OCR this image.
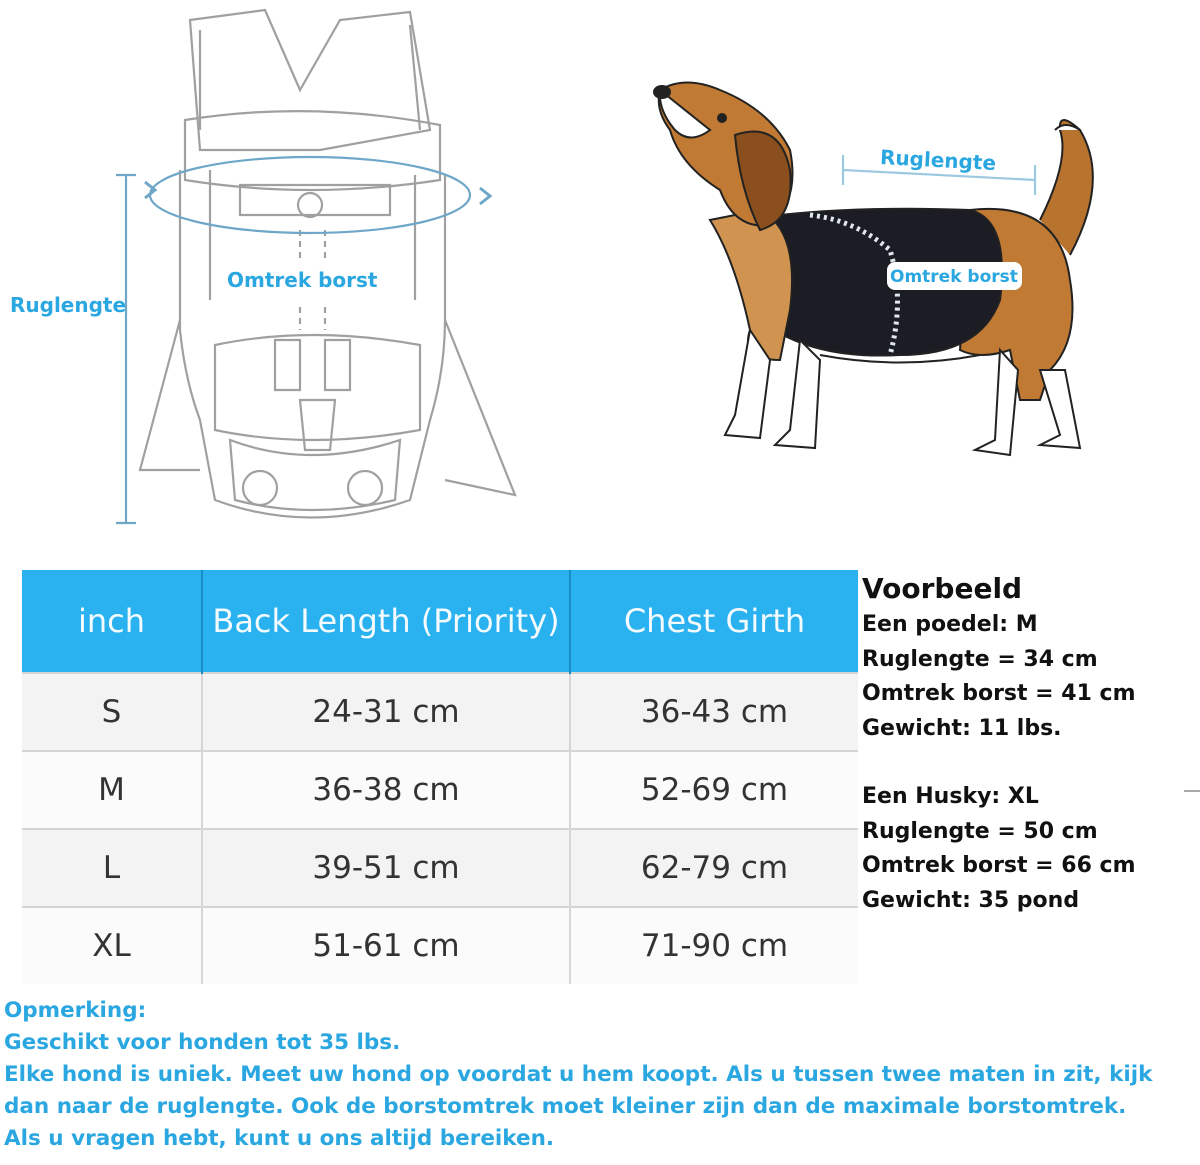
Ruglengte
Omtrek borst
Ruglengte
Omtrek borst
inch	Back Length (Priority)	Chest Girth
S	24-31 cm	36-43 cm
M	36-38 cm	52-69 cm
L	39-51 cm	62-79 cm
XL	51-61 cm	71-90 cm
Voorbeeld
Een poedel: M
Ruglengte = 34 cm
Omtrek borst = 41 cm
Gewicht: 11 lbs.
Een Husky: XL
Ruglengte = 50 cm
Omtrek borst = 66 cm
Gewicht: 35 pond
Opmerking:
Geschikt voor honden tot 35 lbs.
Elke hond is uniek. Meet uw hond op voordat u hem koopt. Als u tussen twee maten in zit, kijk dan naar de ruglengte. Ook de borstomtrek moet kleiner zijn dan de maximale borstomtrek.
Als u vragen hebt, kunt u ons altijd bereiken.
